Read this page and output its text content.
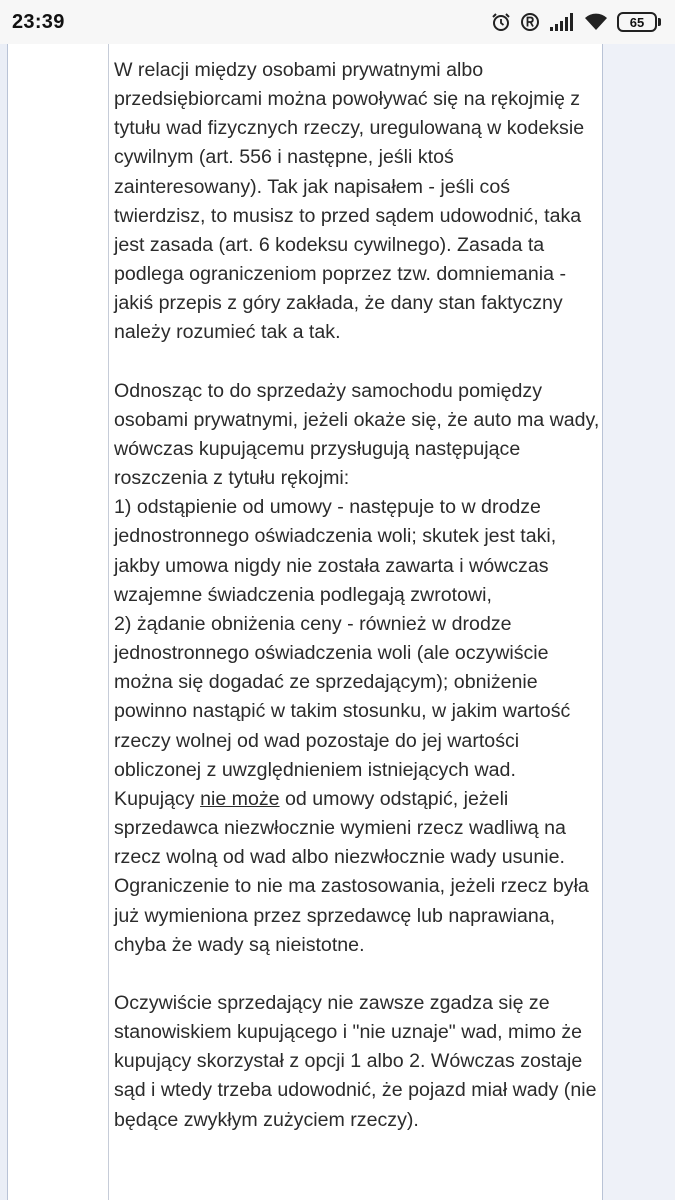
23:39	65

W relacji między osobami prywatnymi albo przedsiębiorcami można powoływać się na rękojmię z tytułu wad fizycznych rzeczy, uregulowaną w kodeksie cywilnym (art. 556 i następne, jeśli ktoś zainteresowany). Tak jak napisałem - jeśli coś twierdzisz, to musisz to przed sądem udowodnić, taka jest zasada (art. 6 kodeksu cywilnego). Zasada ta podlega ograniczeniom poprzez tzw. domniemania - jakiś przepis z góry zakłada, że dany stan faktyczny należy rozumieć tak a tak.

Odnosząc to do sprzedaży samochodu pomiędzy osobami prywatnymi, jeżeli okaże się, że auto ma wady, wówczas kupującemu przysługują następujące roszczenia z tytułu rękojmi:

1) odstąpienie od umowy - następuje to w drodze jednostronnego oświadczenia woli; skutek jest taki, jakby umowa nigdy nie została zawarta i wówczas wzajemne świadczenia podlegają zwrotowi,

2) żądanie obniżenia ceny - również w drodze jednostronnego oświadczenia woli (ale oczywiście można się dogadać ze sprzedającym); obniżenie powinno nastąpić w takim stosunku, w jakim wartość rzeczy wolnej od wad pozostaje do jej wartości obliczonej z uwzględnieniem istniejących wad.

Kupujący nie może od umowy odstąpić, jeżeli sprzedawca niezwłocznie wymieni rzecz wadliwą na rzecz wolną od wad albo niezwłocznie wady usunie. Ograniczenie to nie ma zastosowania, jeżeli rzecz była już wymieniona przez sprzedawcę lub naprawiana, chyba że wady są nieistotne.

Oczywiście sprzedający nie zawsze zgadza się ze stanowiskiem kupującego i "nie uznaje" wad, mimo że kupujący skorzystał z opcji 1 albo 2. Wówczas zostaje sąd i wtedy trzeba udowodnić, że pojazd miał wady (nie będące zwykłym zużyciem rzeczy).
